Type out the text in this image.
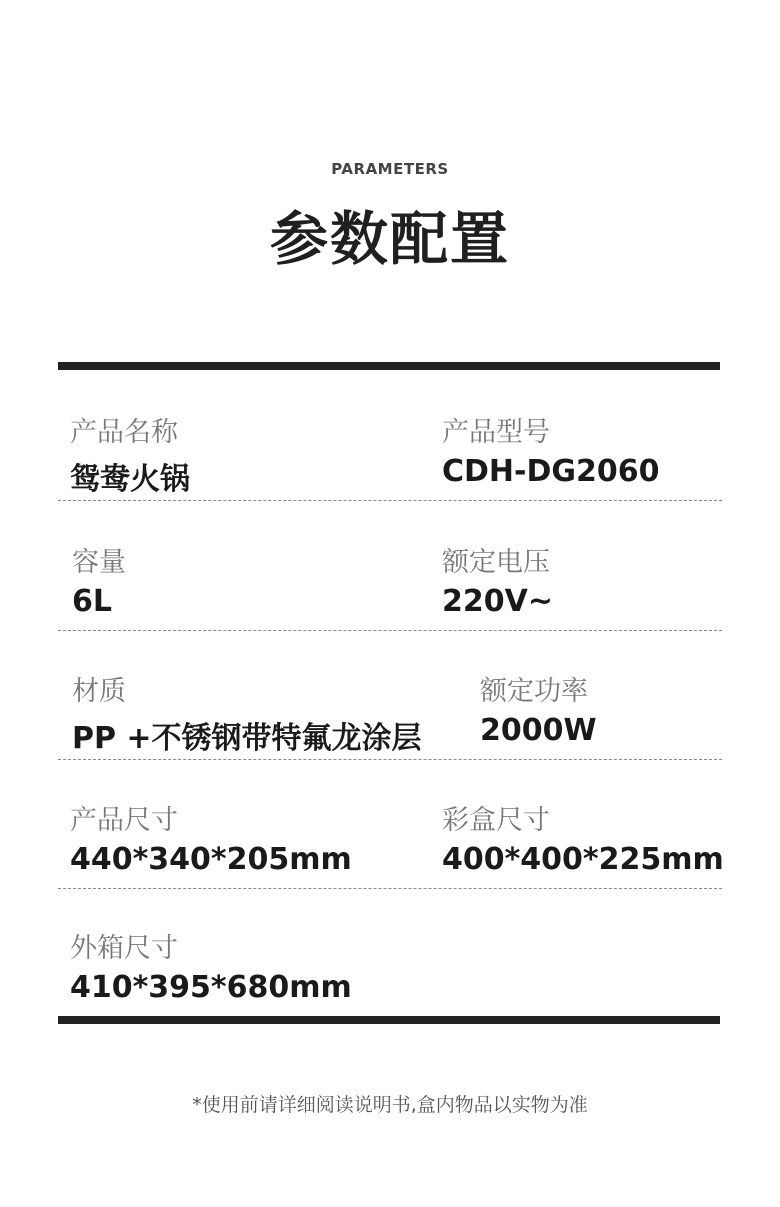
PARAMETERS
参数配置
产品名称
鸳鸯火锅
产品型号
CDH-DG2060
容量
6L
额定电压
220V~
材质
PP +不锈钢带特氟龙涂层
额定功率
2000W
产品尺寸
440*340*205mm
彩盒尺寸
400*400*225mm
外箱尺寸
410*395*680mm
*使用前请详细阅读说明书,盒内物品以实物为准
